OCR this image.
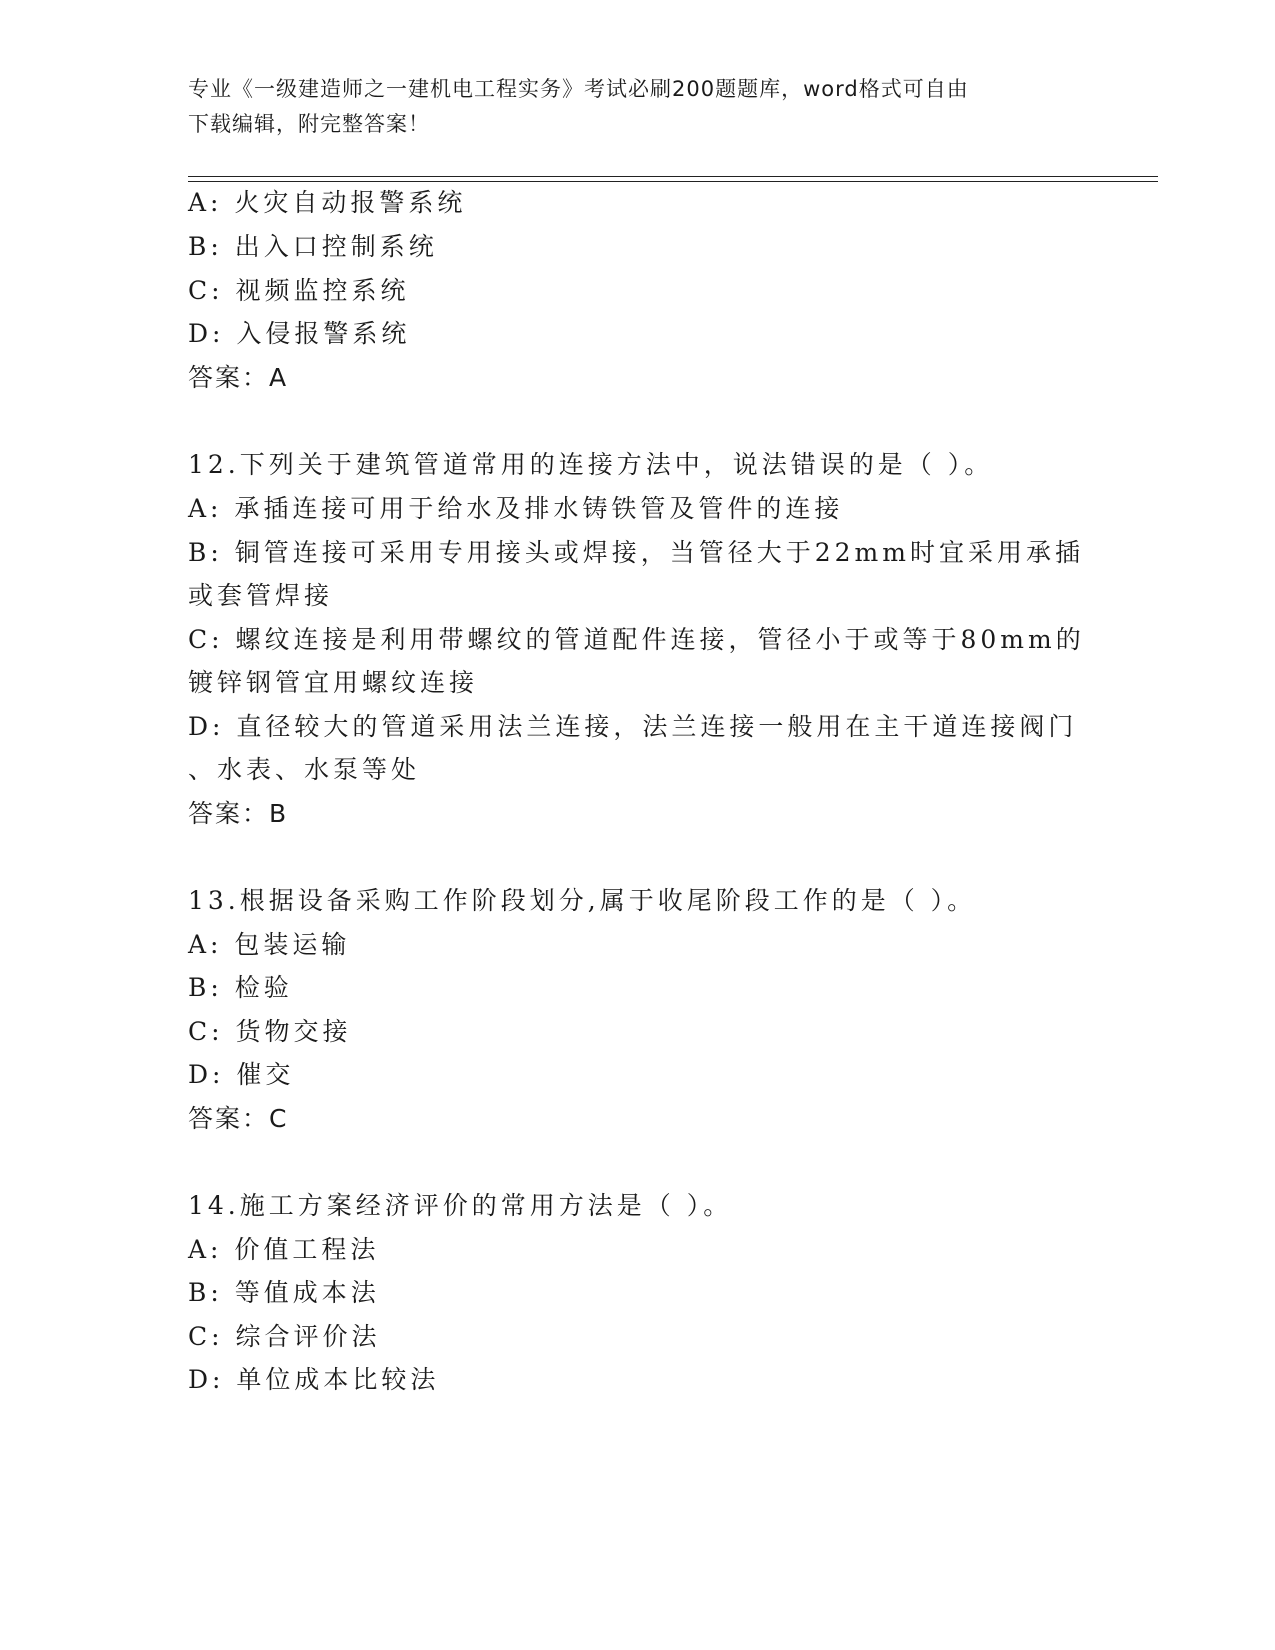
专业《一级建造师之一建机电工程实务》考试必刷200题题库，word格式可自由
下载编辑，附完整答案！
A: 火灾自动报警系统
B: 出入口控制系统
C: 视频监控系统
D: 入侵报警系统
答案：A
12.下列关于建筑管道常用的连接方法中，说法错误的是（ ）。
A: 承插连接可用于给水及排水铸铁管及管件的连接
B: 铜管连接可采用专用接头或焊接，当管径大于22mm时宜采用承插
或套管焊接
C: 螺纹连接是利用带螺纹的管道配件连接，管径小于或等于80mm的
镀锌钢管宜用螺纹连接
D: 直径较大的管道采用法兰连接，法兰连接一般用在主干道连接阀门
、水表、水泵等处
答案：B
13.根据设备采购工作阶段划分,属于收尾阶段工作的是（ ）。
A: 包装运输
B: 检验
C: 货物交接
D: 催交
答案：C
14.施工方案经济评价的常用方法是（ ）。
A: 价值工程法
B: 等值成本法
C: 综合评价法
D: 单位成本比较法
